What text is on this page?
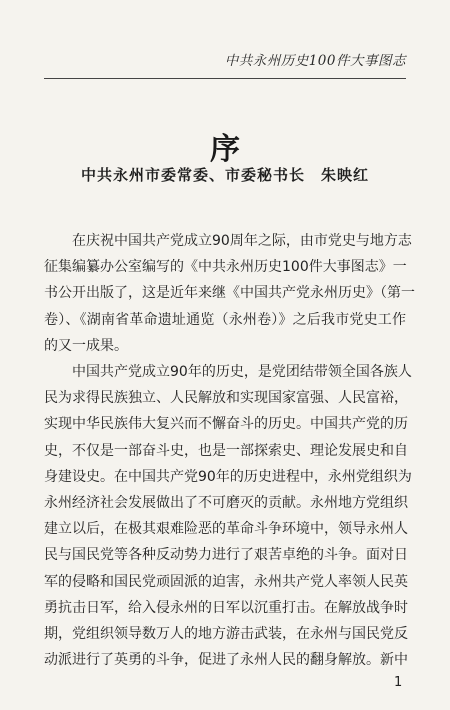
中共永州历史100件大事图志
序
中共永州市委常委、市委秘书长　朱映红

在庆祝中国共产党成立90周年之际，由市党史与地方志
征集编纂办公室编写的《中共永州历史100件大事图志》一
书公开出版了，这是近年来继《中国共产党永州历史》（第一
卷）、《湖南省革命遗址通览（永州卷）》之后我市党史工作
的又一成果。

中国共产党成立90年的历史，是党团结带领全国各族人
民为求得民族独立、人民解放和实现国家富强、人民富裕，
实现中华民族伟大复兴而不懈奋斗的历史。中国共产党的历
史，不仅是一部奋斗史，也是一部探索史、理论发展史和自
身建设史。在中国共产党90年的历史进程中，永州党组织为
永州经济社会发展做出了不可磨灭的贡献。永州地方党组织
建立以后，在极其艰难险恶的革命斗争环境中，领导永州人
民与国民党等各种反动势力进行了艰苦卓绝的斗争。面对日
军的侵略和国民党顽固派的迫害，永州共产党人率领人民英
勇抗击日军，给入侵永州的日军以沉重打击。在解放战争时
期，党组织领导数万人的地方游击武装，在永州与国民党反
动派进行了英勇的斗争，促进了永州人民的翻身解放。新中

1
